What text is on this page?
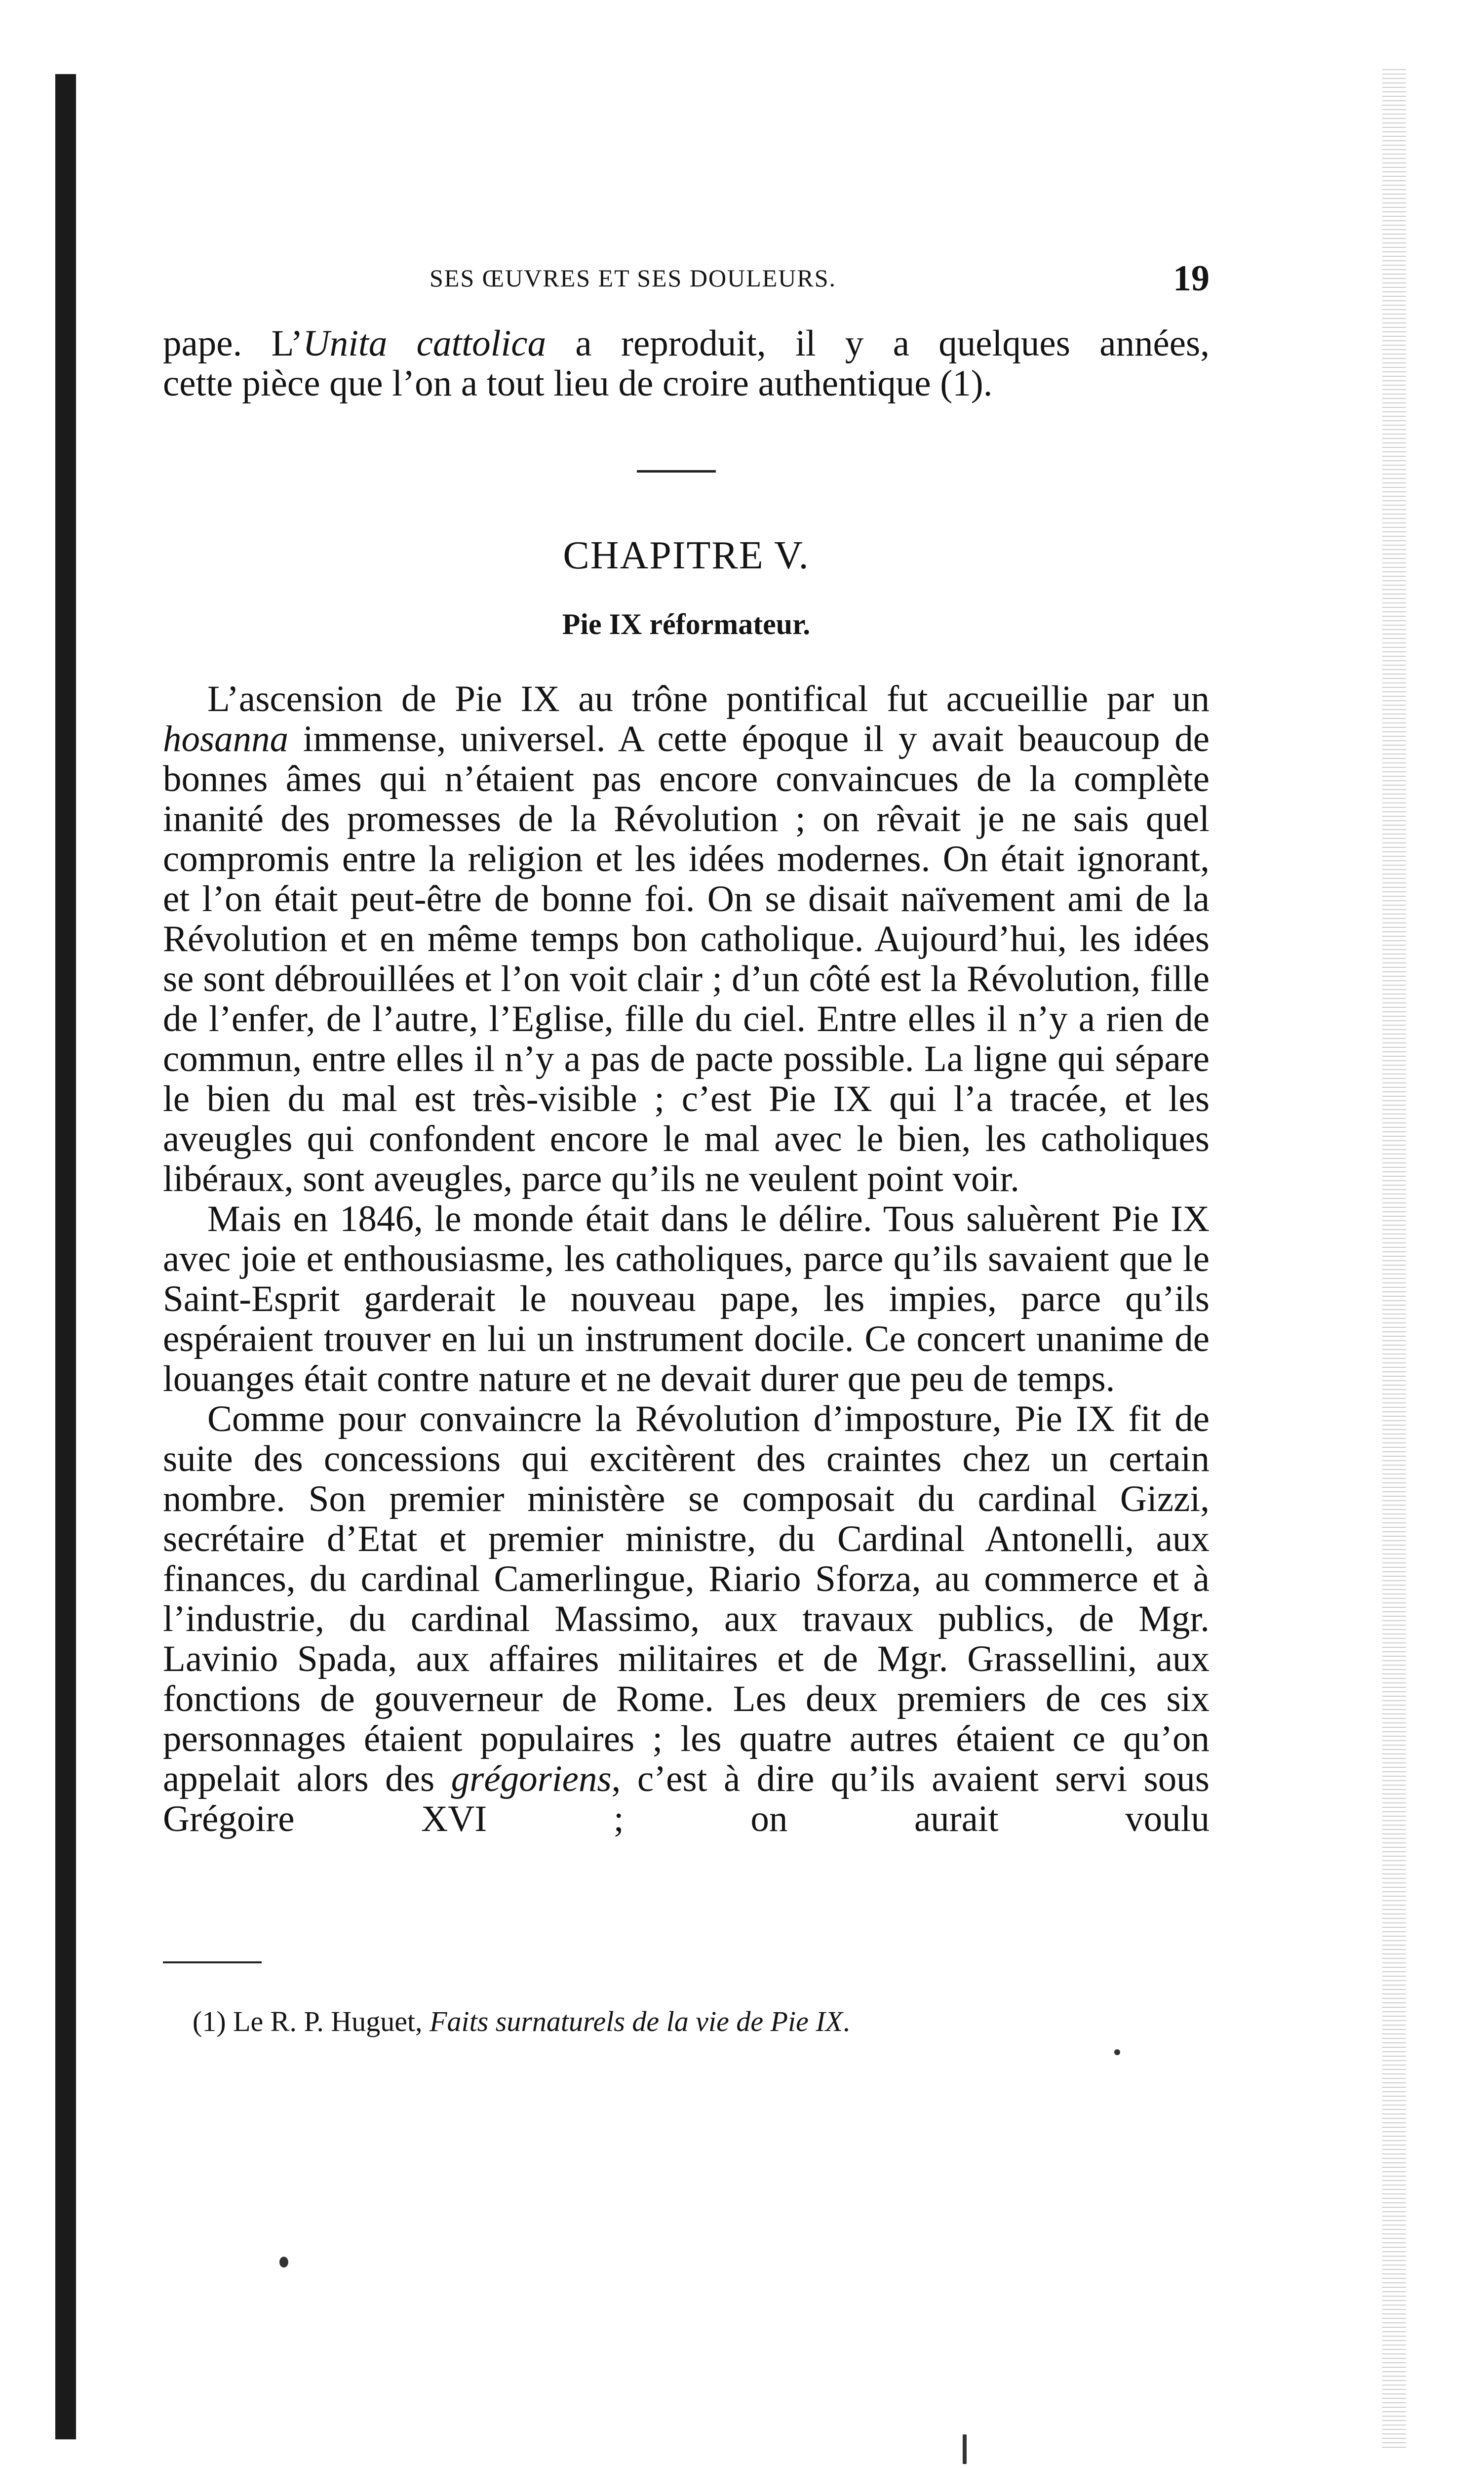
SES ŒUVRES ET SES DOULEURS.	19

pape. L’Unita cattolica a reproduit, il y a quelques années,

cette pièce que l’on a tout lieu de croire authentique (1).

CHAPITRE V.
Pie IX réformateur.

L’ascension de Pie IX au trône pontifical fut accueillie par un hosanna immense, universel. A cette époque il y avait beaucoup de bonnes âmes qui n’étaient pas encore convaincues de la complète inanité des promesses de la Révolution ; on rêvait je ne sais quel compromis entre la religion et les idées modernes. On était ignorant, et l’on était peut-être de bonne foi. On se disait naïvement ami de la Révolution et en même temps bon catholique. Aujourd’hui, les idées se sont débrouillées et l’on voit clair ; d’un côté est la Révolution, fille de l’enfer, de l’autre, l’Eglise, fille du ciel. Entre elles il n’y a rien de commun, entre elles il n’y a pas de pacte possible. La ligne qui sépare le bien du mal est très-visible ; c’est Pie IX qui l’a tracée, et les aveugles qui confondent encore le mal avec le bien, les catholiques libéraux, sont aveugles, parce qu’ils ne veulent point voir.

Mais en 1846, le monde était dans le délire. Tous saluèrent Pie IX avec joie et enthousiasme, les catholiques, parce qu’ils savaient que le Saint-Esprit garderait le nouveau pape, les impies, parce qu’ils espéraient trouver en lui un instrument docile. Ce concert unanime de louanges était contre nature et ne devait durer que peu de temps.

Comme pour convaincre la Révolution d’imposture, Pie IX fit de suite des concessions qui excitèrent des craintes chez un certain nombre. Son premier ministère se composait du cardinal Gizzi, secrétaire d’Etat et premier ministre, du Cardinal Antonelli, aux finances, du cardinal Camerlingue, Riario Sforza, au commerce et à l’industrie, du cardinal Massimo, aux travaux publics, de Mgr. Lavinio Spada, aux affaires militaires et de Mgr. Grassellini, aux fonctions de gouverneur de Rome. Les deux premiers de ces six personnages étaient populaires ; les quatre autres étaient ce qu’on appelait alors des grégoriens, c’est à dire qu’ils avaient servi sous Grégoire XVI ; on aurait voulu

(1) Le R. P. Huguet, Faits surnaturels de la vie de Pie IX.
